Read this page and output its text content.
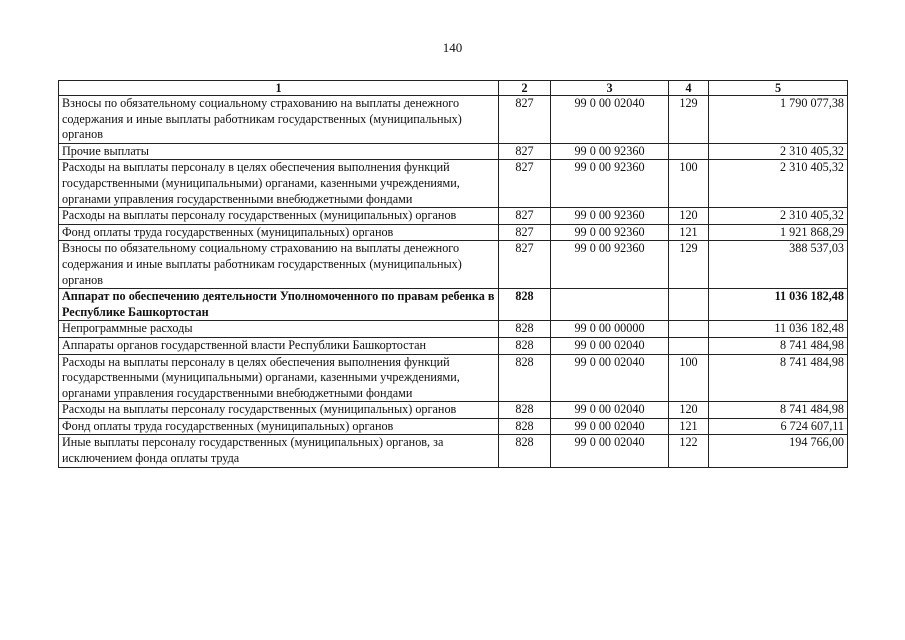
140
1	2	3	4	5
Взносы по обязательному социальному страхованию на выплаты денежного содержания и иные выплаты работникам государственных (муниципальных) органов	827	99 0 00 02040	129	1 790 077,38
Прочие выплаты	827	99 0 00 92360		2 310 405,32
Расходы на выплаты персоналу в целях обеспечения выполнения функций государственными (муниципальными) органами, казенными учреждениями, органами управления государственными внебюджетными фондами	827	99 0 00 92360	100	2 310 405,32
Расходы на выплаты персоналу государственных (муниципальных) органов	827	99 0 00 92360	120	2 310 405,32
Фонд оплаты труда государственных (муниципальных) органов	827	99 0 00 92360	121	1 921 868,29
Взносы по обязательному социальному страхованию на выплаты денежного содержания и иные выплаты работникам государственных (муниципальных) органов	827	99 0 00 92360	129	388 537,03
Аппарат по обеспечению деятельности Уполномоченного по правам ребенка в Республике Башкортостан	828			11 036 182,48
Непрограммные расходы	828	99 0 00 00000		11 036 182,48
Аппараты органов государственной власти Республики Башкортостан	828	99 0 00 02040		8 741 484,98
Расходы на выплаты персоналу в целях обеспечения выполнения функций государственными (муниципальными) органами, казенными учреждениями, органами управления государственными внебюджетными фондами	828	99 0 00 02040	100	8 741 484,98
Расходы на выплаты персоналу государственных (муниципальных) органов	828	99 0 00 02040	120	8 741 484,98
Фонд оплаты труда государственных (муниципальных) органов	828	99 0 00 02040	121	6 724 607,11
Иные выплаты персоналу государственных (муниципальных) органов, за исключением фонда оплаты труда	828	99 0 00 02040	122	194 766,00
